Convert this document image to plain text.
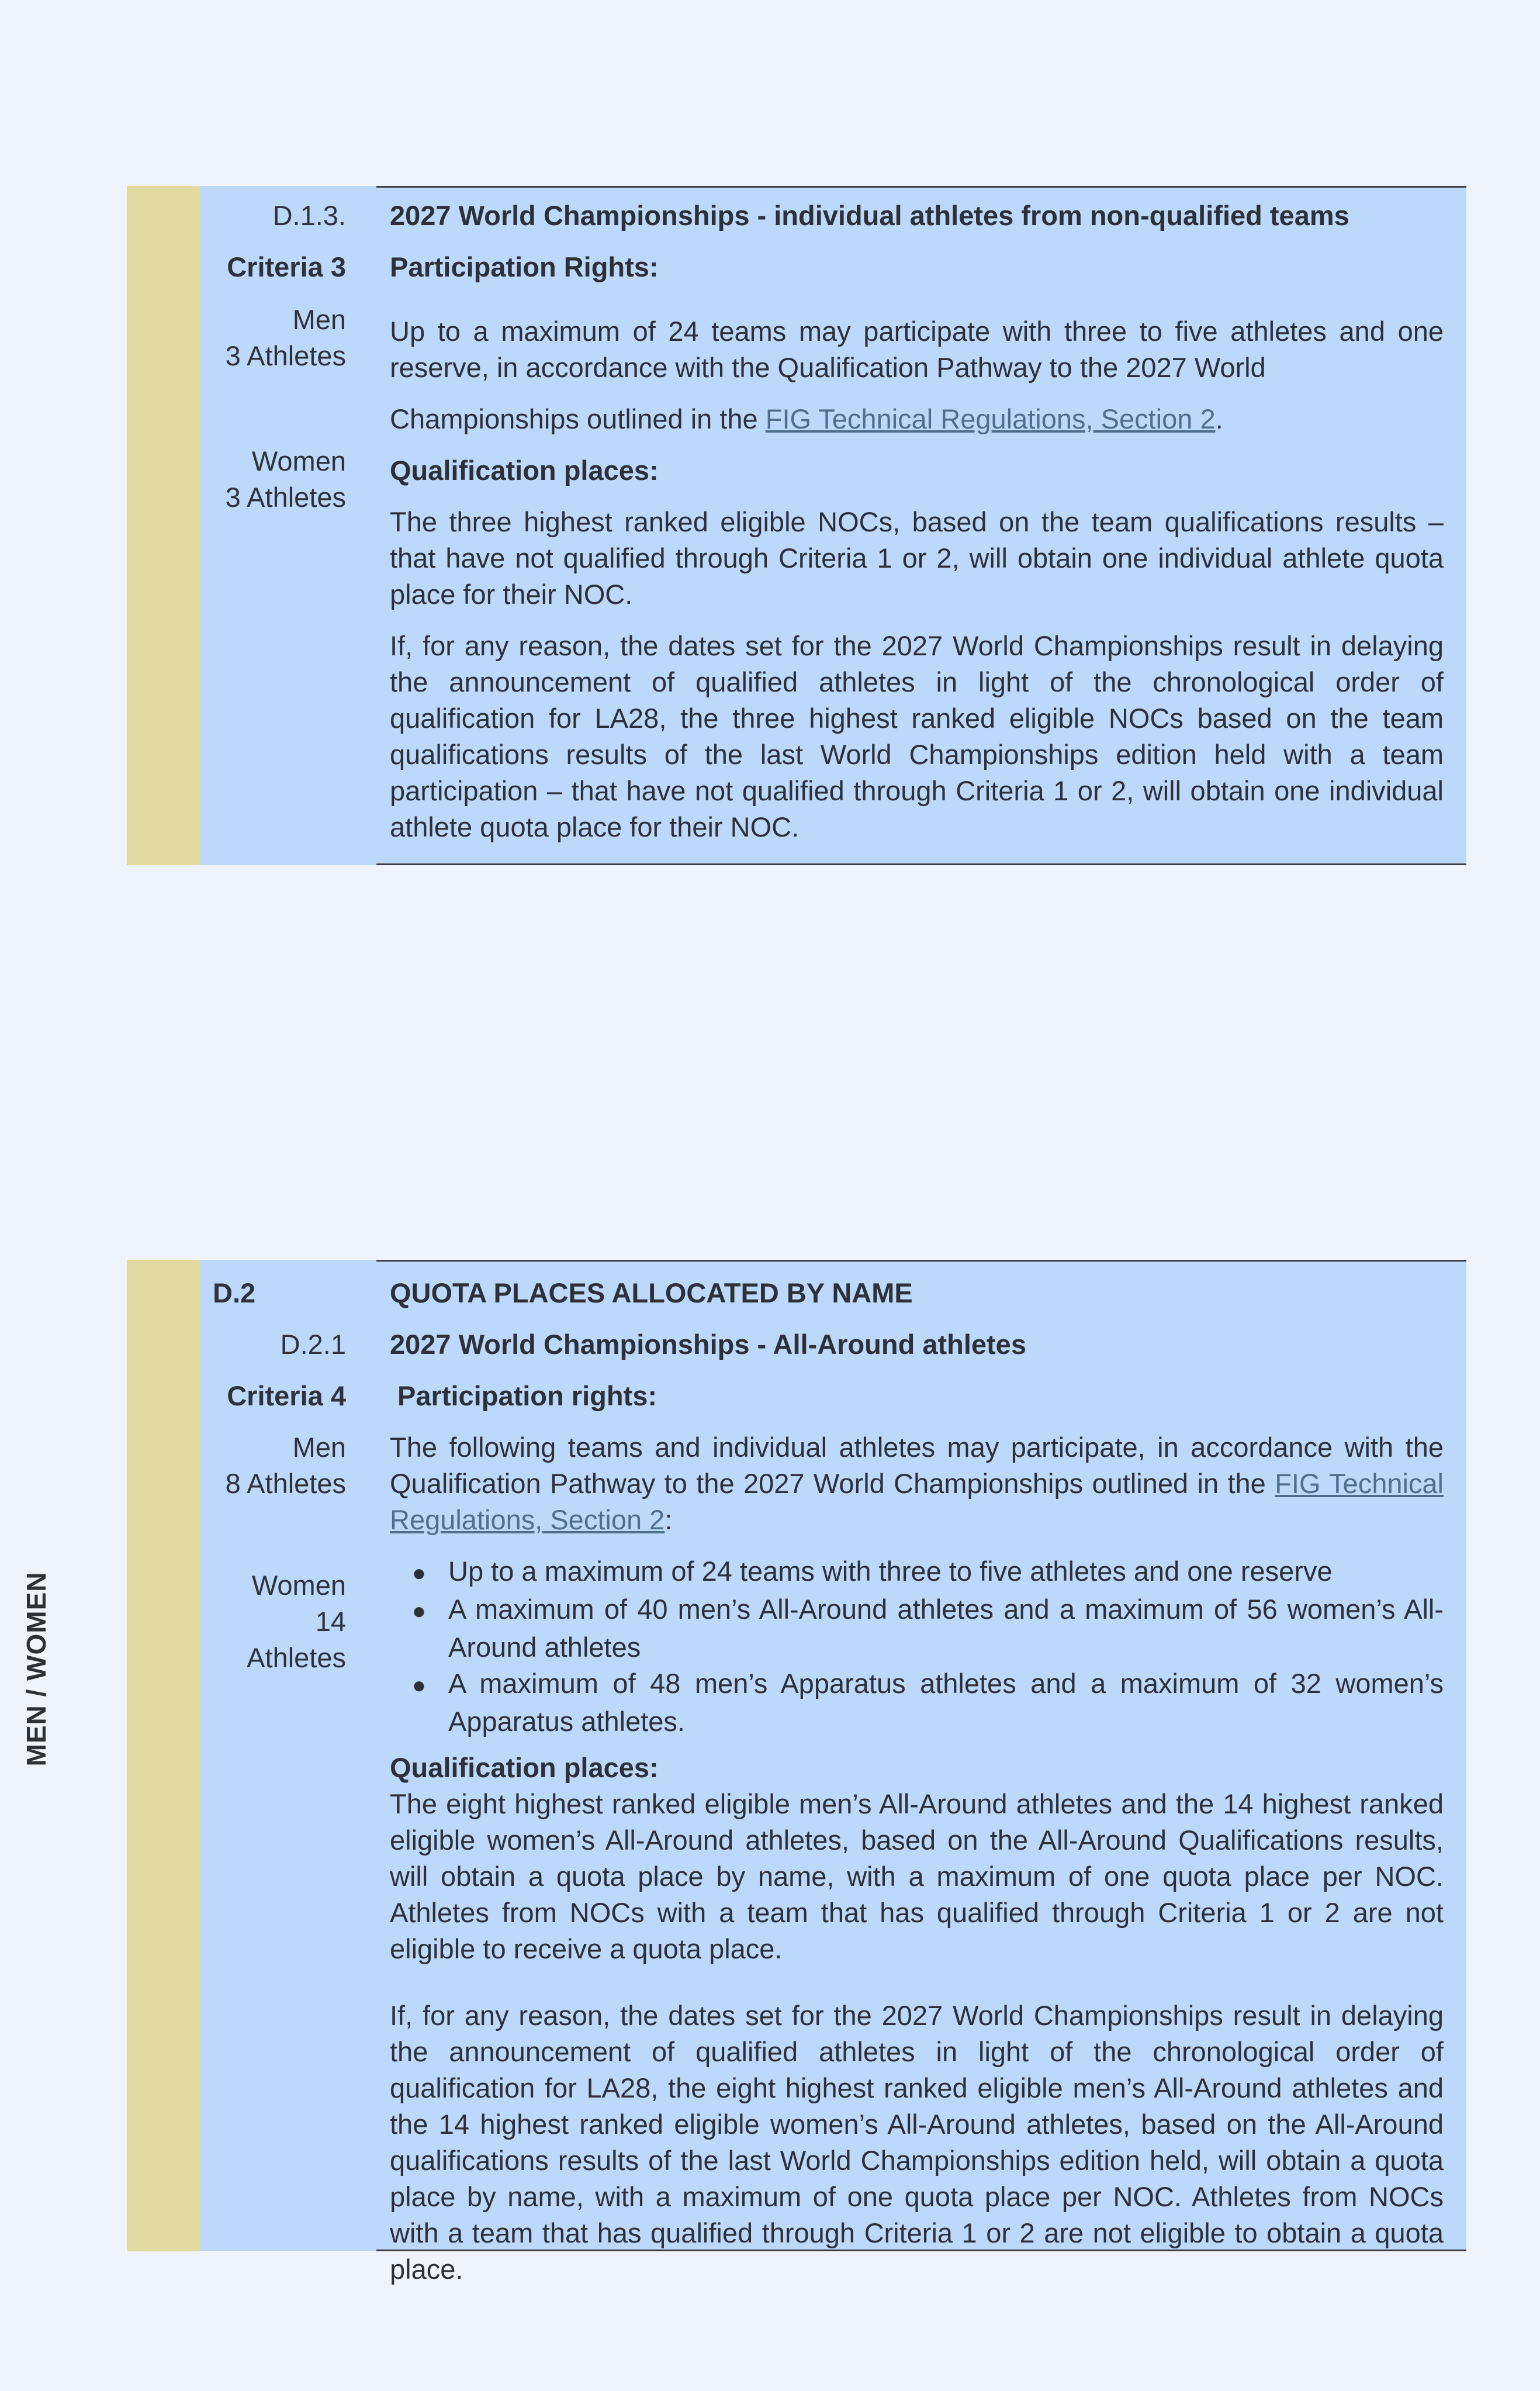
D.1.3.
Criteria 3
Men
3 Athletes
Women
3 Athletes

2027 World Championships - individual athletes from non-qualified teams

Participation Rights:

Up to a maximum of 24 teams may participate with three to five athletes and one reserve, in accordance with the Qualification Pathway to the 2027 World

Championships outlined in the FIG Technical Regulations, Section 2.

Qualification places:

The three highest ranked eligible NOCs, based on the team qualifications results – that have not qualified through Criteria 1 or 2, will obtain one individual athlete quota place for their NOC.

If, for any reason, the dates set for the 2027 World Championships result in delaying the announcement of qualified athletes in light of the chronological order of qualification for LA28, the three highest ranked eligible NOCs based on the team qualifications results of the last World Championships edition held with a team participation – that have not qualified through Criteria 1 or 2, will obtain one individual athlete quota place for their NOC.

D.2
D.2.1
Criteria 4
Men
8 Athletes
Women
14
Athletes

QUOTA PLACES ALLOCATED BY NAME

2027 World Championships - All-Around athletes

Participation rights:

The following teams and individual athletes may participate, in accordance with the Qualification Pathway to the 2027 World Championships outlined in the FIG Technical Regulations, Section 2:

● Up to a maximum of 24 teams with three to five athletes and one reserve
● A maximum of 40 men’s All-Around athletes and a maximum of 56 women’s All-Around athletes
● A maximum of 48 men’s Apparatus athletes and a maximum of 32 women’s Apparatus athletes.

Qualification places:

The eight highest ranked eligible men’s All-Around athletes and the 14 highest ranked eligible women’s All-Around athletes, based on the All-Around Qualifications results, will obtain a quota place by name, with a maximum of one quota place per NOC. Athletes from NOCs with a team that has qualified through Criteria 1 or 2 are not eligible to receive a quota place.

If, for any reason, the dates set for the 2027 World Championships result in delaying the announcement of qualified athletes in light of the chronological order of qualification for LA28, the eight highest ranked eligible men’s All-Around athletes and the 14 highest ranked eligible women’s All-Around athletes, based on the All-Around qualifications results of the last World Championships edition held, will obtain a quota place by name, with a maximum of one quota place per NOC. Athletes from NOCs with a team that has qualified through Criteria 1 or 2 are not eligible to obtain a quota place.

MEN / WOMEN
